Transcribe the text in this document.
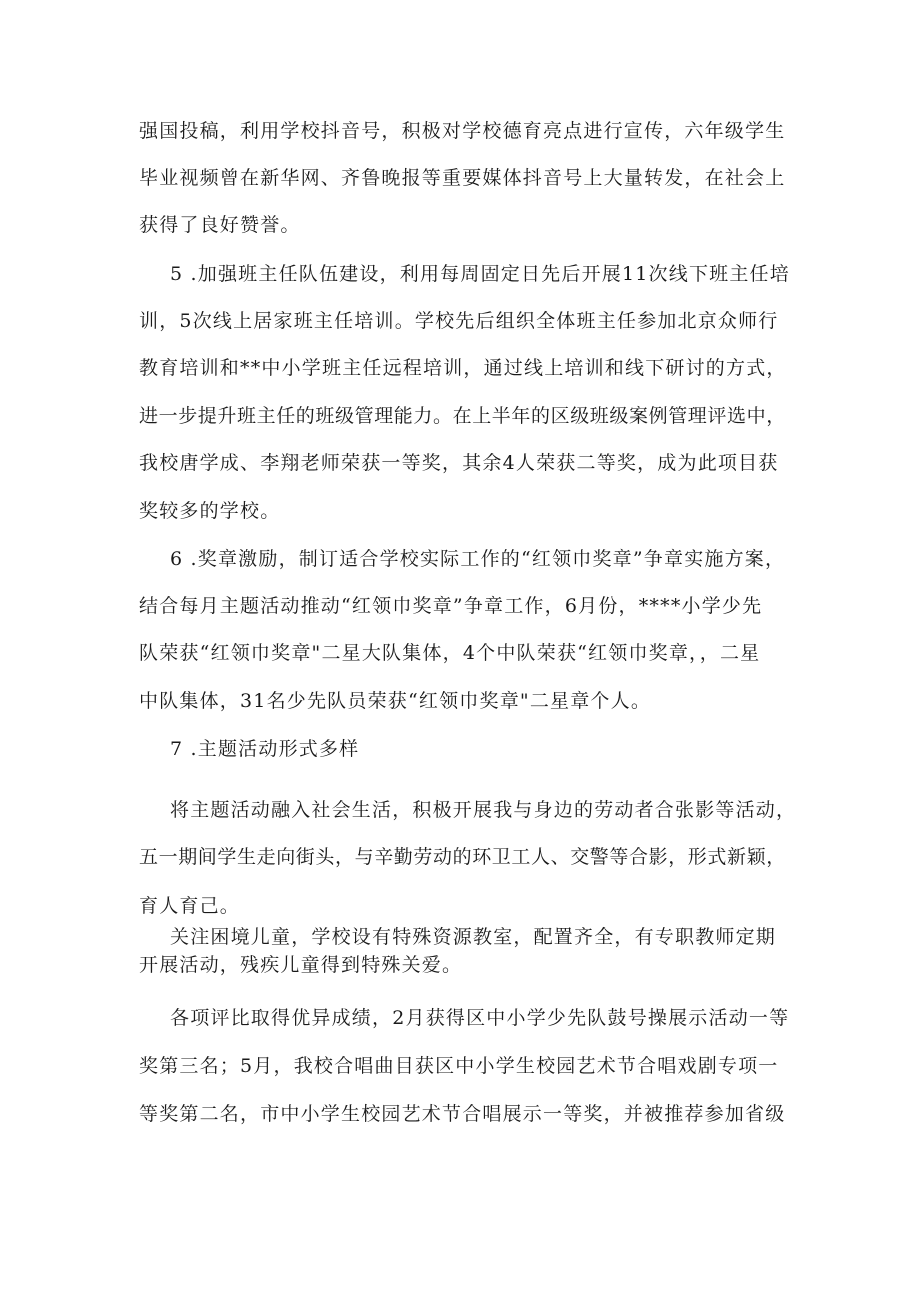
强国投稿，利用学校抖音号，积极对学校德育亮点进行宣传，六年级学生
毕业视频曾在新华网、齐鲁晚报等重要媒体抖音号上大量转发，在社会上
获得了良好赞誉。
5 .加强班主任队伍建设，利用每周固定日先后开展11次线下班主任培
训，5次线上居家班主任培训。学校先后组织全体班主任参加北京众师行
教育培训和**中小学班主任远程培训，通过线上培训和线下研讨的方式，
进一步提升班主任的班级管理能力。在上半年的区级班级案例管理评选中，
我校唐学成、李翔老师荣获一等奖，其余4人荣获二等奖，成为此项目获
奖较多的学校。
6 .奖章激励，制订适合学校实际工作的“红领巾奖章”争章实施方案，
结合每月主题活动推动“红领巾奖章”争章工作，6月份，****小学少先
队荣获“红领巾奖章"二星大队集体，4个中队荣获“红领巾奖章，，二星
中队集体，31名少先队员荣获“红领巾奖章"二星章个人。
7 .主题活动形式多样
将主题活动融入社会生活，积极开展我与身边的劳动者合张影等活动，
五一期间学生走向街头，与辛勤劳动的环卫工人、交警等合影，形式新颖，
育人育己。
关注困境儿童，学校设有特殊资源教室，配置齐全，有专职教师定期
开展活动，残疾儿童得到特殊关爱。
各项评比取得优异成绩，2月获得区中小学少先队鼓号操展示活动一等
奖第三名；5月，我校合唱曲目获区中小学生校园艺术节合唱戏剧专项一
等奖第二名，市中小学生校园艺术节合唱展示一等奖，并被推荐参加省级
